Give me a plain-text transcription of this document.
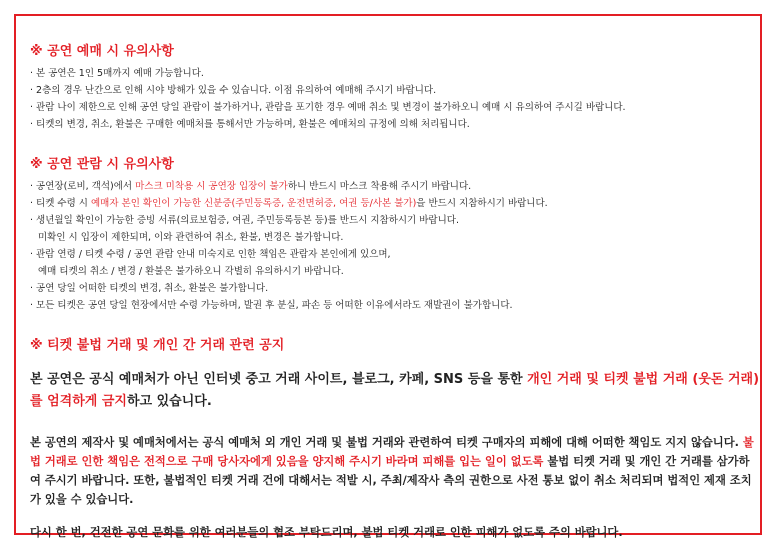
※ 공연 예매 시 유의사항
· 본 공연은 1인 5매까지 예매 가능합니다.
· 2층의 경우 난간으로 인해 시야 방해가 있을 수 있습니다. 이점 유의하여 예매해 주시기 바랍니다.
· 관람 나이 제한으로 인해 공연 당일 관람이 불가하거나, 관람을 포기한 경우 예매 취소 및 변경이 불가하오니 예매 시 유의하여 주시길 바랍니다.
· 티켓의 변경, 취소, 환불은 구매한 예매처를 통해서만 가능하며, 환불은 예매처의 규정에 의해 처리됩니다.
※ 공연 관람 시 유의사항
· 공연장(로비, 객석)에서 마스크 미착용 시 공연장 입장이 불가하니 반드시 마스크 착용해 주시기 바랍니다.
· 티켓 수령 시 예매자 본인 확인이 가능한 신분증(주민등록증, 운전면허증, 여권 등/사본 불가)을 반드시 지참하시기 바랍니다.
· 생년월일 확인이 가능한 증빙 서류(의료보험증, 여권, 주민등록등본 등)를 반드시 지참하시기 바랍니다.
미확인 시 입장이 제한되며, 이와 관련하여 취소, 환불, 변경은 불가합니다.
· 관람 연령 / 티켓 수령 / 공연 관람 안내 미숙지로 인한 책임은 관람자 본인에게 있으며,
예매 티켓의 취소 / 변경 / 환불은 불가하오니 각별히 유의하시기 바랍니다.
· 공연 당일 어떠한 티켓의 변경, 취소, 환불은 불가합니다.
· 모든 티켓은 공연 당일 현장에서만 수령 가능하며, 발권 후 분실, 파손 등 어떠한 이유에서라도 재발권이 불가합니다.
※ 티켓 불법 거래 및 개인 간 거래 관련 공지
본 공연은 공식 예매처가 아닌 인터넷 중고 거래 사이트, 블로그, 카페, SNS 등을 통한 개인 거래 및 티켓 불법 거래 (웃돈 거래)를 엄격하게 금지하고 있습니다.
본 공연의 제작사 및 예매처에서는 공식 예매처 외 개인 거래 및 불법 거래와 관련하여 티켓 구매자의 피해에 대해 어떠한 책임도 지지 않습니다. 불법 거래로 인한 책임은 전적으로 구매 당사자에게 있음을 양지해 주시기 바라며 피해를 입는 일이 없도록 불법 티켓 거래 및 개인 간 거래를 삼가하여 주시기 바랍니다. 또한, 불법적인 티켓 거래 건에 대해서는 적발 시, 주최/제작사 측의 권한으로 사전 통보 없이 취소 처리되며 법적인 제재 조치가 있을 수 있습니다.
다시 한 번, 건전한 공연 문화를 위한 여러분들의 협조 부탁드리며, 불법 티켓 거래로 인한 피해가 없도록 주의 바랍니다.
